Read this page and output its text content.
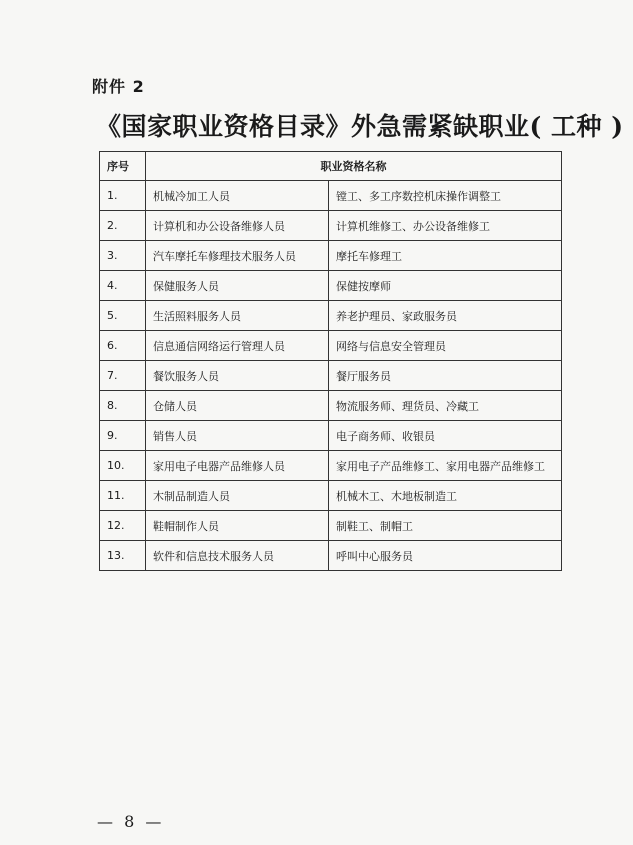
附件 2
《国家职业资格目录》外急需紧缺职业( 工种 )
序号	职业资格名称	
1.	机械冷加工人员	镗工、多工序数控机床操作调整工
2.	计算机和办公设备维修人员	计算机维修工、办公设备维修工
3.	汽车摩托车修理技术服务人员	摩托车修理工
4.	保健服务人员	保健按摩师
5.	生活照料服务人员	养老护理员、家政服务员
6.	信息通信网络运行管理人员	网络与信息安全管理员
7.	餐饮服务人员	餐厅服务员
8.	仓储人员	物流服务师、理货员、冷藏工
9.	销售人员	电子商务师、收银员
10.	家用电子电器产品维修人员	家用电子产品维修工、家用电器产品维修工
11.	木制品制造人员	机械木工、木地板制造工
12.	鞋帽制作人员	制鞋工、制帽工
13.	软件和信息技术服务人员	呼叫中心服务员
— 8 —
